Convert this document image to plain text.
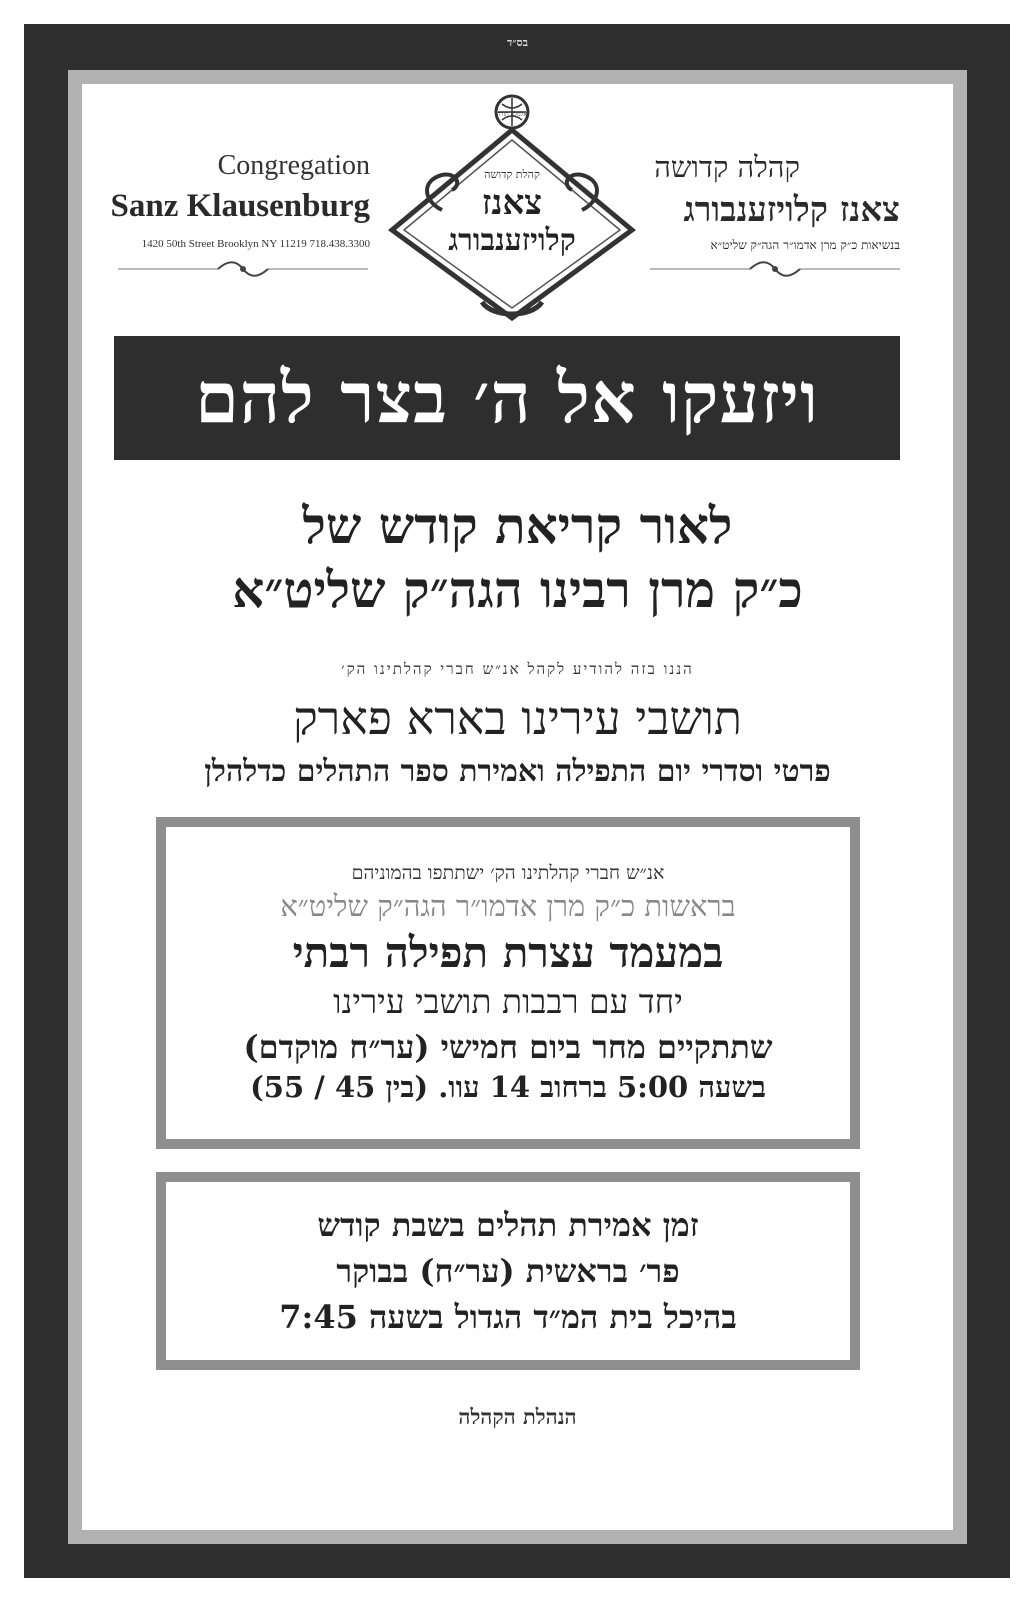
בס״ד
Congregation
Sanz Klausenburg
1420 50th Street Brooklyn NY 11219 718.438.3300
קהלה קדושה
צאנז קלויזענבורג
בנשיאות כ״ק מרן אדמו״ר הגה״ק שליט״א
קהלת קדושה
צאנז
קלויזענבורג
אלמלא תורה
ויזעקו אל ה׳ בצר להם
לאור קריאת קודש של
כ״ק מרן רבינו הגה״ק שליט״א
הננו בזה להודיע לקהל אנ״ש חברי קהלתינו הק׳
תושבי עירינו בארא פארק
פרטי וסדרי יום התפילה ואמירת ספר התהלים כדלהלן
אנ״ש חברי קהלתינו הק׳ ישתתפו בהמוניהם
בראשות כ״ק מרן אדמו״ר הגה״ק שליט״א
במעמד עצרת תפילה רבתי
יחד עם רבבות תושבי עירינו
שתתקיים מחר ביום חמישי (ער״ח מוקדם)
בשעה 5:00 ברחוב 14 עוו. (בין 45 / 55)
זמן אמירת תהלים בשבת קודש
פר׳ בראשית (ער״ח) בבוקר
בהיכל בית המ״ד הגדול בשעה 7:45
הנהלת הקהלה
